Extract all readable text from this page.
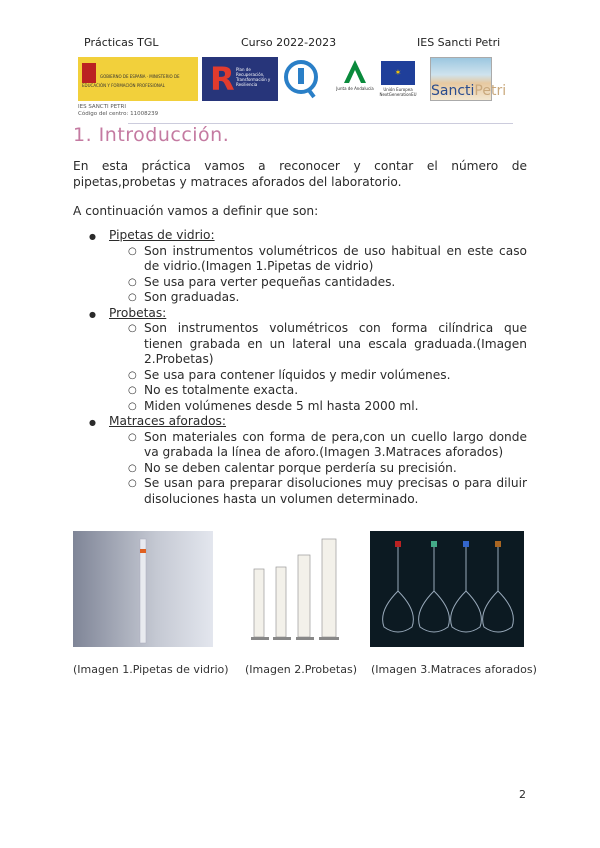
Prácticas TGL	Curso 2022-2023	IES Sancti Petri
GOBIERNO DE ESPAÑA · MINISTERIO DE EDUCACIÓN Y FORMACIÓN PROFESIONAL	R Plan de Recuperación, Transformación y Resiliencia
Junta de Andalucía
✶
Unión Europea NextGenerationEU SanctiPetri
IES SANCTI PETRI
Código del centro: 11008239
1. Introducción.
En esta práctica vamos a reconocer y contar el número de pipetas,probetas y matraces aforados del laboratorio.
A continuación vamos a definir que son:
● Pipetas de vidrio:
○ Son instrumentos volumétricos de uso habitual en este caso de vidrio.(Imagen 1.Pipetas de vidrio)
○ Se usa para verter pequeñas cantidades.
○ Son graduadas.
● Probetas:
○ Son instrumentos volumétricos con forma cilíndrica que tienen grabada en un lateral una escala graduada.(Imagen 2.Probetas)
○ Se usa para contener líquidos y medir volúmenes.
○ No es totalmente exacta.
○ Miden volúmenes desde 5 ml hasta 2000 ml.
● Matraces aforados:
○ Son materiales con forma de pera,con un cuello largo donde va grabada la línea de aforo.(Imagen 3.Matraces aforados)
○ No se deben calentar porque perdería su precisión.
○ Se usan para preparar disoluciones muy precisas o para diluir disoluciones hasta un volumen determinado.
(Imagen 1.Pipetas de vidrio) (Imagen 2.Probetas) (Imagen 3.Matraces aforados)
2
